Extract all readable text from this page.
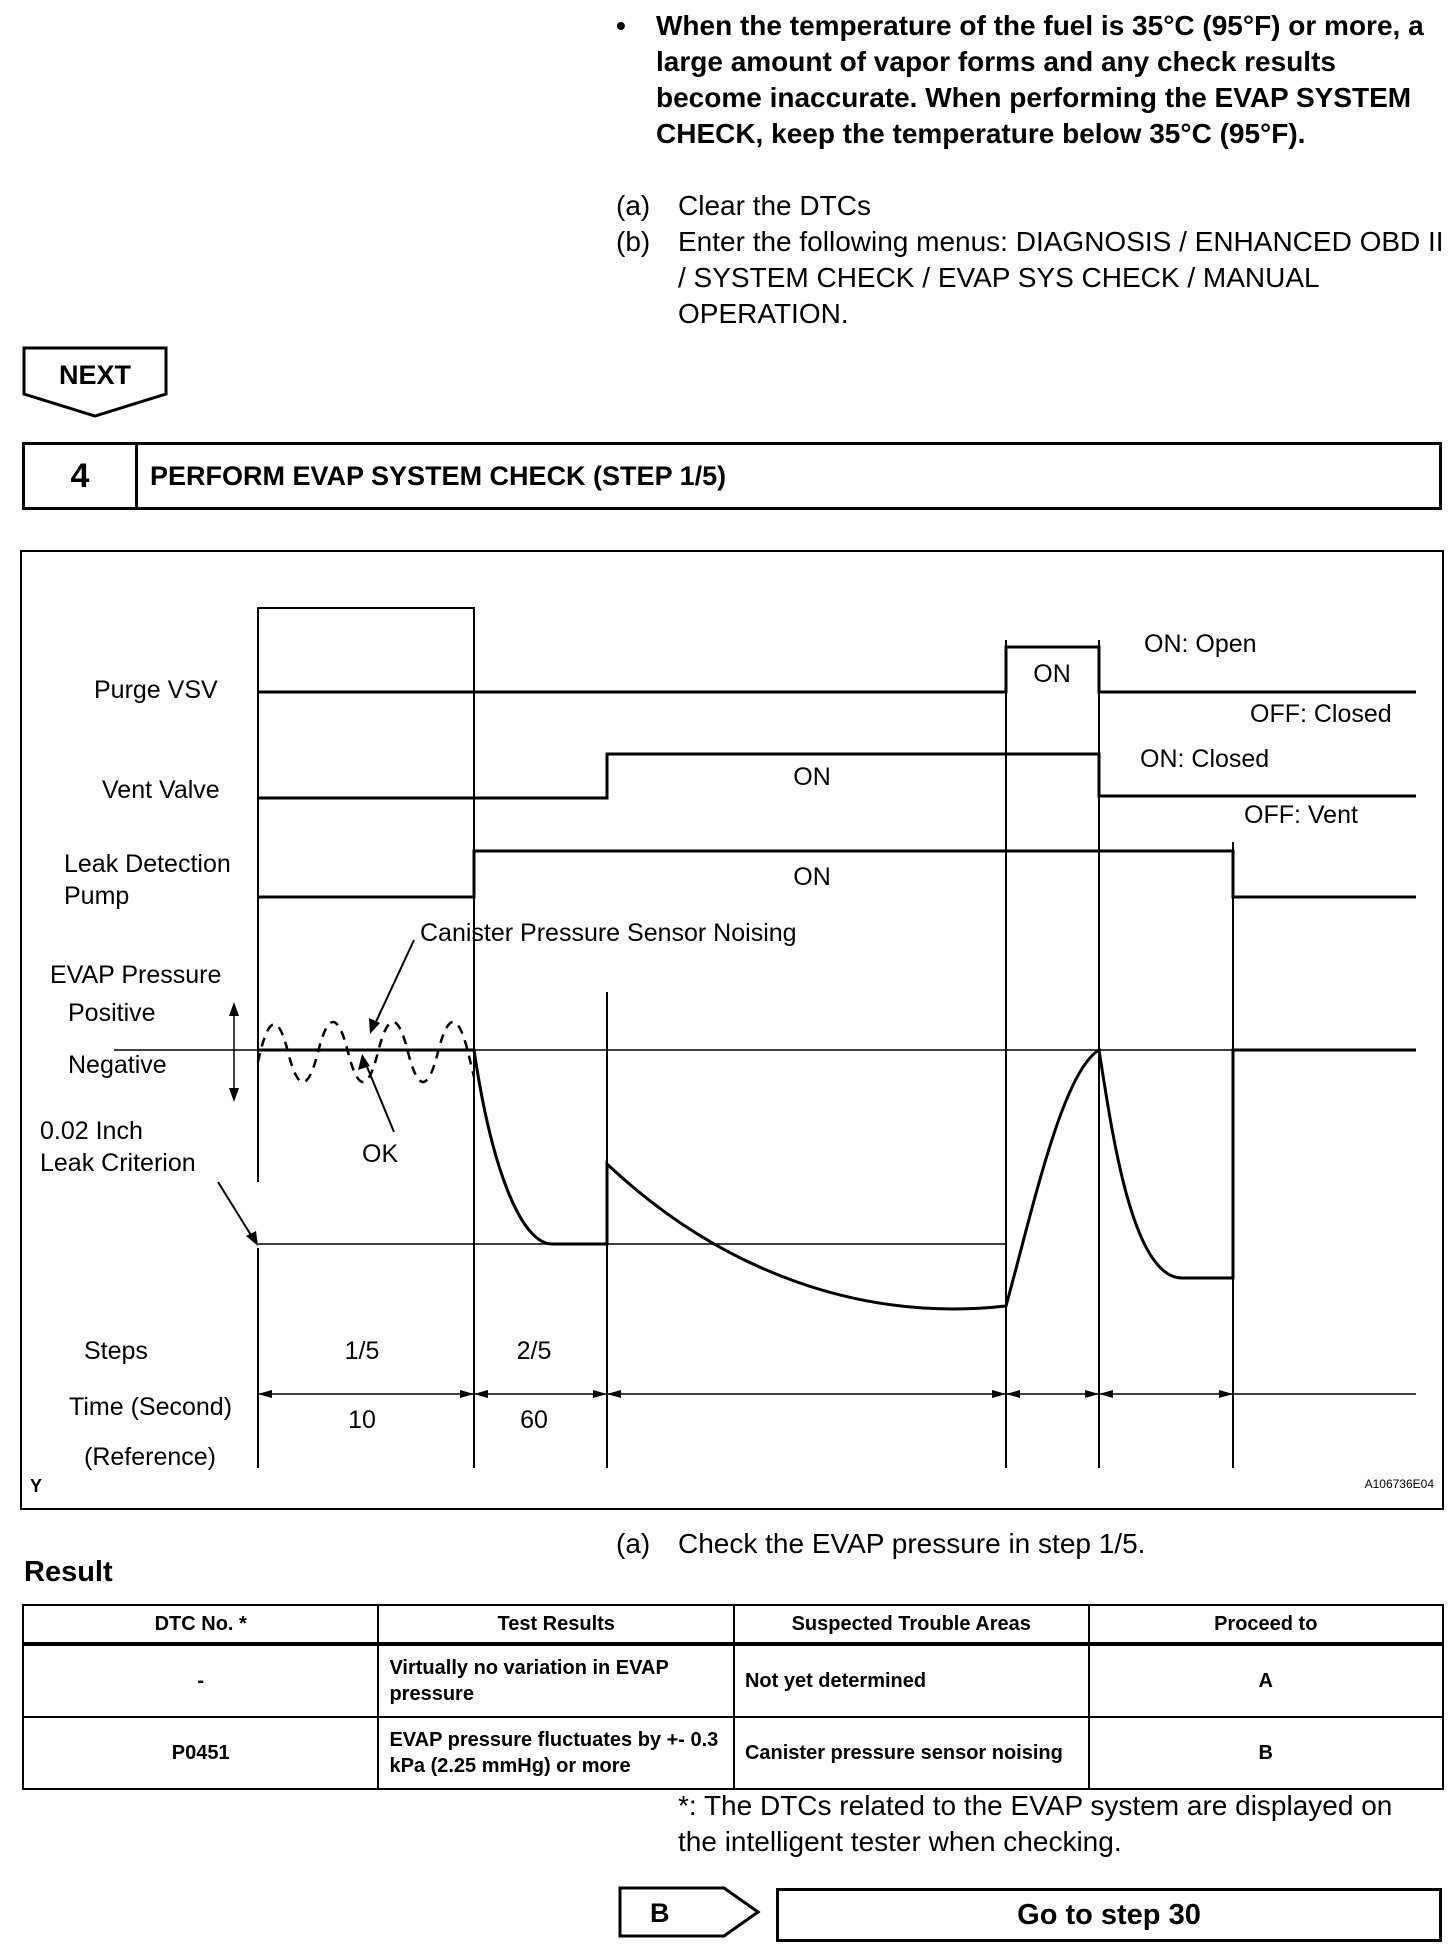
• When the temperature of the fuel is 35°C (95°F) or more, a large amount of vapor forms and any check results become inaccurate. When performing the EVAP SYSTEM CHECK, keep the temperature below 35°C (95°F).
(a) Clear the DTCs
(b) Enter the following menus: DIAGNOSIS / ENHANCED OBD II / SYSTEM CHECK / EVAP SYS CHECK / MANUAL OPERATION.
NEXT
4	PERFORM EVAP SYSTEM CHECK (STEP 1/5)
Purge VSV
Vent Valve
Leak Detection
Pump
EVAP Pressure
Positive
Negative
0.02 Inch
Leak Criterion
Canister Pressure Sensor Noising
OK
Steps
Time (Second)
(Reference)
ON: Open
OFF: Closed
ON: Closed
OFF: Vent
ON
ON
ON
1/5	2/5
10	60
Y	A106736E04
(a) Check the EVAP pressure in step 1/5.
Result
DTC No. *	Test Results	Suspected Trouble Areas	Proceed to
-	Virtually no variation in EVAP pressure	Not yet determined	A
P0451	EVAP pressure fluctuates by +- 0.3 kPa (2.25 mmHg) or more	Canister pressure sensor noising	B
*: The DTCs related to the EVAP system are displayed on the intelligent tester when checking.
B	Go to step 30
